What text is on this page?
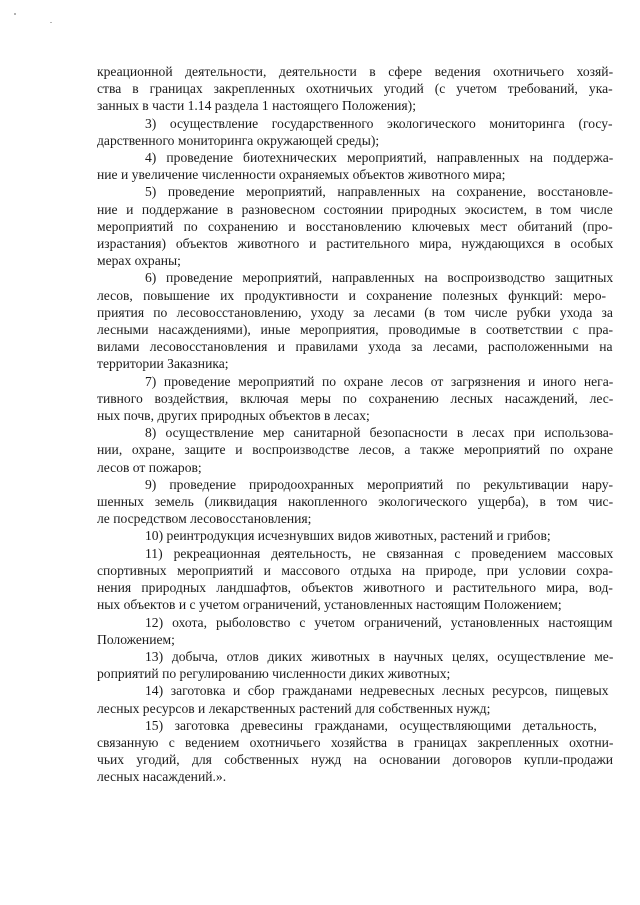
креационной деятельности, деятельности в сфере ведения охотничьего хозяй-
ства в границах закрепленных охотничьих угодий (с учетом требований, ука-
занных в части 1.14 раздела 1 настоящего Положения);

3) осуществление государственного экологического мониторинга (госу-
дарственного мониторинга окружающей среды);

4) проведение биотехнических мероприятий, направленных на поддержа-
ние и увеличение численности охраняемых объектов животного мира;

5) проведение мероприятий, направленных на сохранение, восстановле-
ние и поддержание в разновесном состоянии природных экосистем, в том числе
мероприятий по сохранению и восстановлению ключевых мест обитаний (про-
израстания) объектов животного и растительного мира, нуждающихся в особых
мерах охраны;

6) проведение мероприятий, направленных на воспроизводство защитных
лесов, повышение их продуктивности и сохранение полезных функций: меро-
приятия по лесовосстановлению, уходу за лесами (в том числе рубки ухода за
лесными насаждениями), иные мероприятия, проводимые в соответствии с пра-
вилами лесовосстановления и правилами ухода за лесами, расположенными на
территории Заказника;

7) проведение мероприятий по охране лесов от загрязнения и иного нега-
тивного воздействия, включая меры по сохранению лесных насаждений, лес-
ных почв, других природных объектов в лесах;

8) осуществление мер санитарной безопасности в лесах при использова-
нии, охране, защите и воспроизводстве лесов, а также мероприятий по охране
лесов от пожаров;

9) проведение природоохранных мероприятий по рекультивации нару-
шенных земель (ликвидация накопленного экологического ущерба), в том чис-
ле посредством лесовосстановления;

10) реинтродукция исчезнувших видов животных, растений и грибов;

11) рекреационная деятельность, не связанная с проведением массовых
спортивных мероприятий и массового отдыха на природе, при условии сохра-
нения природных ландшафтов, объектов животного и растительного мира, вод-
ных объектов и с учетом ограничений, установленных настоящим Положением;

12) охота, рыболовство с учетом ограничений, установленных настоящим
Положением;

13) добыча, отлов диких животных в научных целях, осуществление ме-
роприятий по регулированию численности диких животных;

14) заготовка и сбор гражданами недревесных лесных ресурсов, пищевых
лесных ресурсов и лекарственных растений для собственных нужд;

15) заготовка древесины гражданами, осуществляющими детальность,
связанную с ведением охотничьего хозяйства в границах закрепленных охотни-
чьих угодий, для собственных нужд на основании договоров купли-продажи
лесных насаждений.».
